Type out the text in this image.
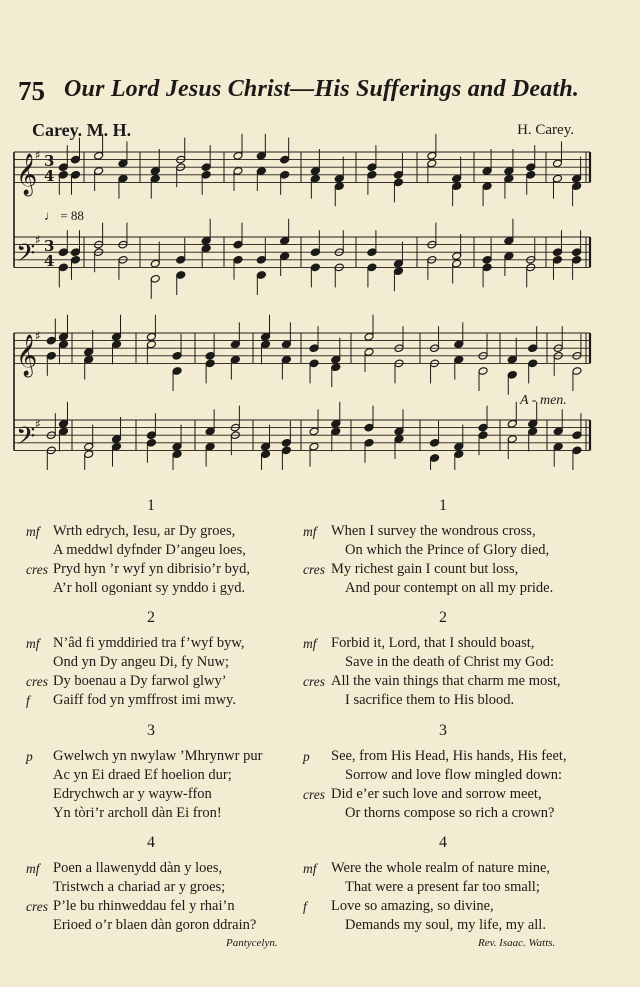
75 Our Lord Jesus Christ—His Sufferings and Death.
Carey. M. H.	H. Carey.
𝄞
𝄢
𝄞
𝄢
♯
♯
♯
♯
3
4
3
4
♩ = 88
A - men.
1
mf Wrth edrych, Iesu, ar Dy groes,
A meddwl dyfnder D’angeu loes,
cres Pryd hyn ’r wyf yn dibrisio’r byd,
A’r holl ogoniant sy ynddo i gyd.
2
mf N’âd fi ymddiried tra f’wyf byw,
Ond yn Dy angeu Di, fy Nuw;
cres Dy boenau a Dy farwol glwy’
f Gaiff fod yn ymffrost imi mwy.
3
p Gwelwch yn nwylaw ’Mhrynwr pur
Ac yn Ei draed Ef hoelion dur;
Edrychwch ar y wayw-ffon
Yn tòri’r archoll dàn Ei fron!
4
mf Poen a llawenydd dàn y loes,
Tristwch a chariad ar y groes;
cres P’le bu rhinweddau fel y rhai’n
Erioed o’r blaen dàn goron ddrain?
1
mf When I survey the wondrous cross,
On which the Prince of Glory died,
cres My richest gain I count but loss,
And pour contempt on all my pride.
2
mf Forbid it, Lord, that I should boast,
Save in the death of Christ my God:
cres All the vain things that charm me most,
I sacrifice them to His blood.
3
p See, from His Head, His hands, His feet,
Sorrow and love flow mingled down:
cres Did e’er such love and sorrow meet,
Or thorns compose so rich a crown?
4
mf Were the whole realm of nature mine,
That were a present far too small;
f Love so amazing, so divine,
Demands my soul, my life, my all.
Pantycelyn.	Rev. Isaac. Watts.
